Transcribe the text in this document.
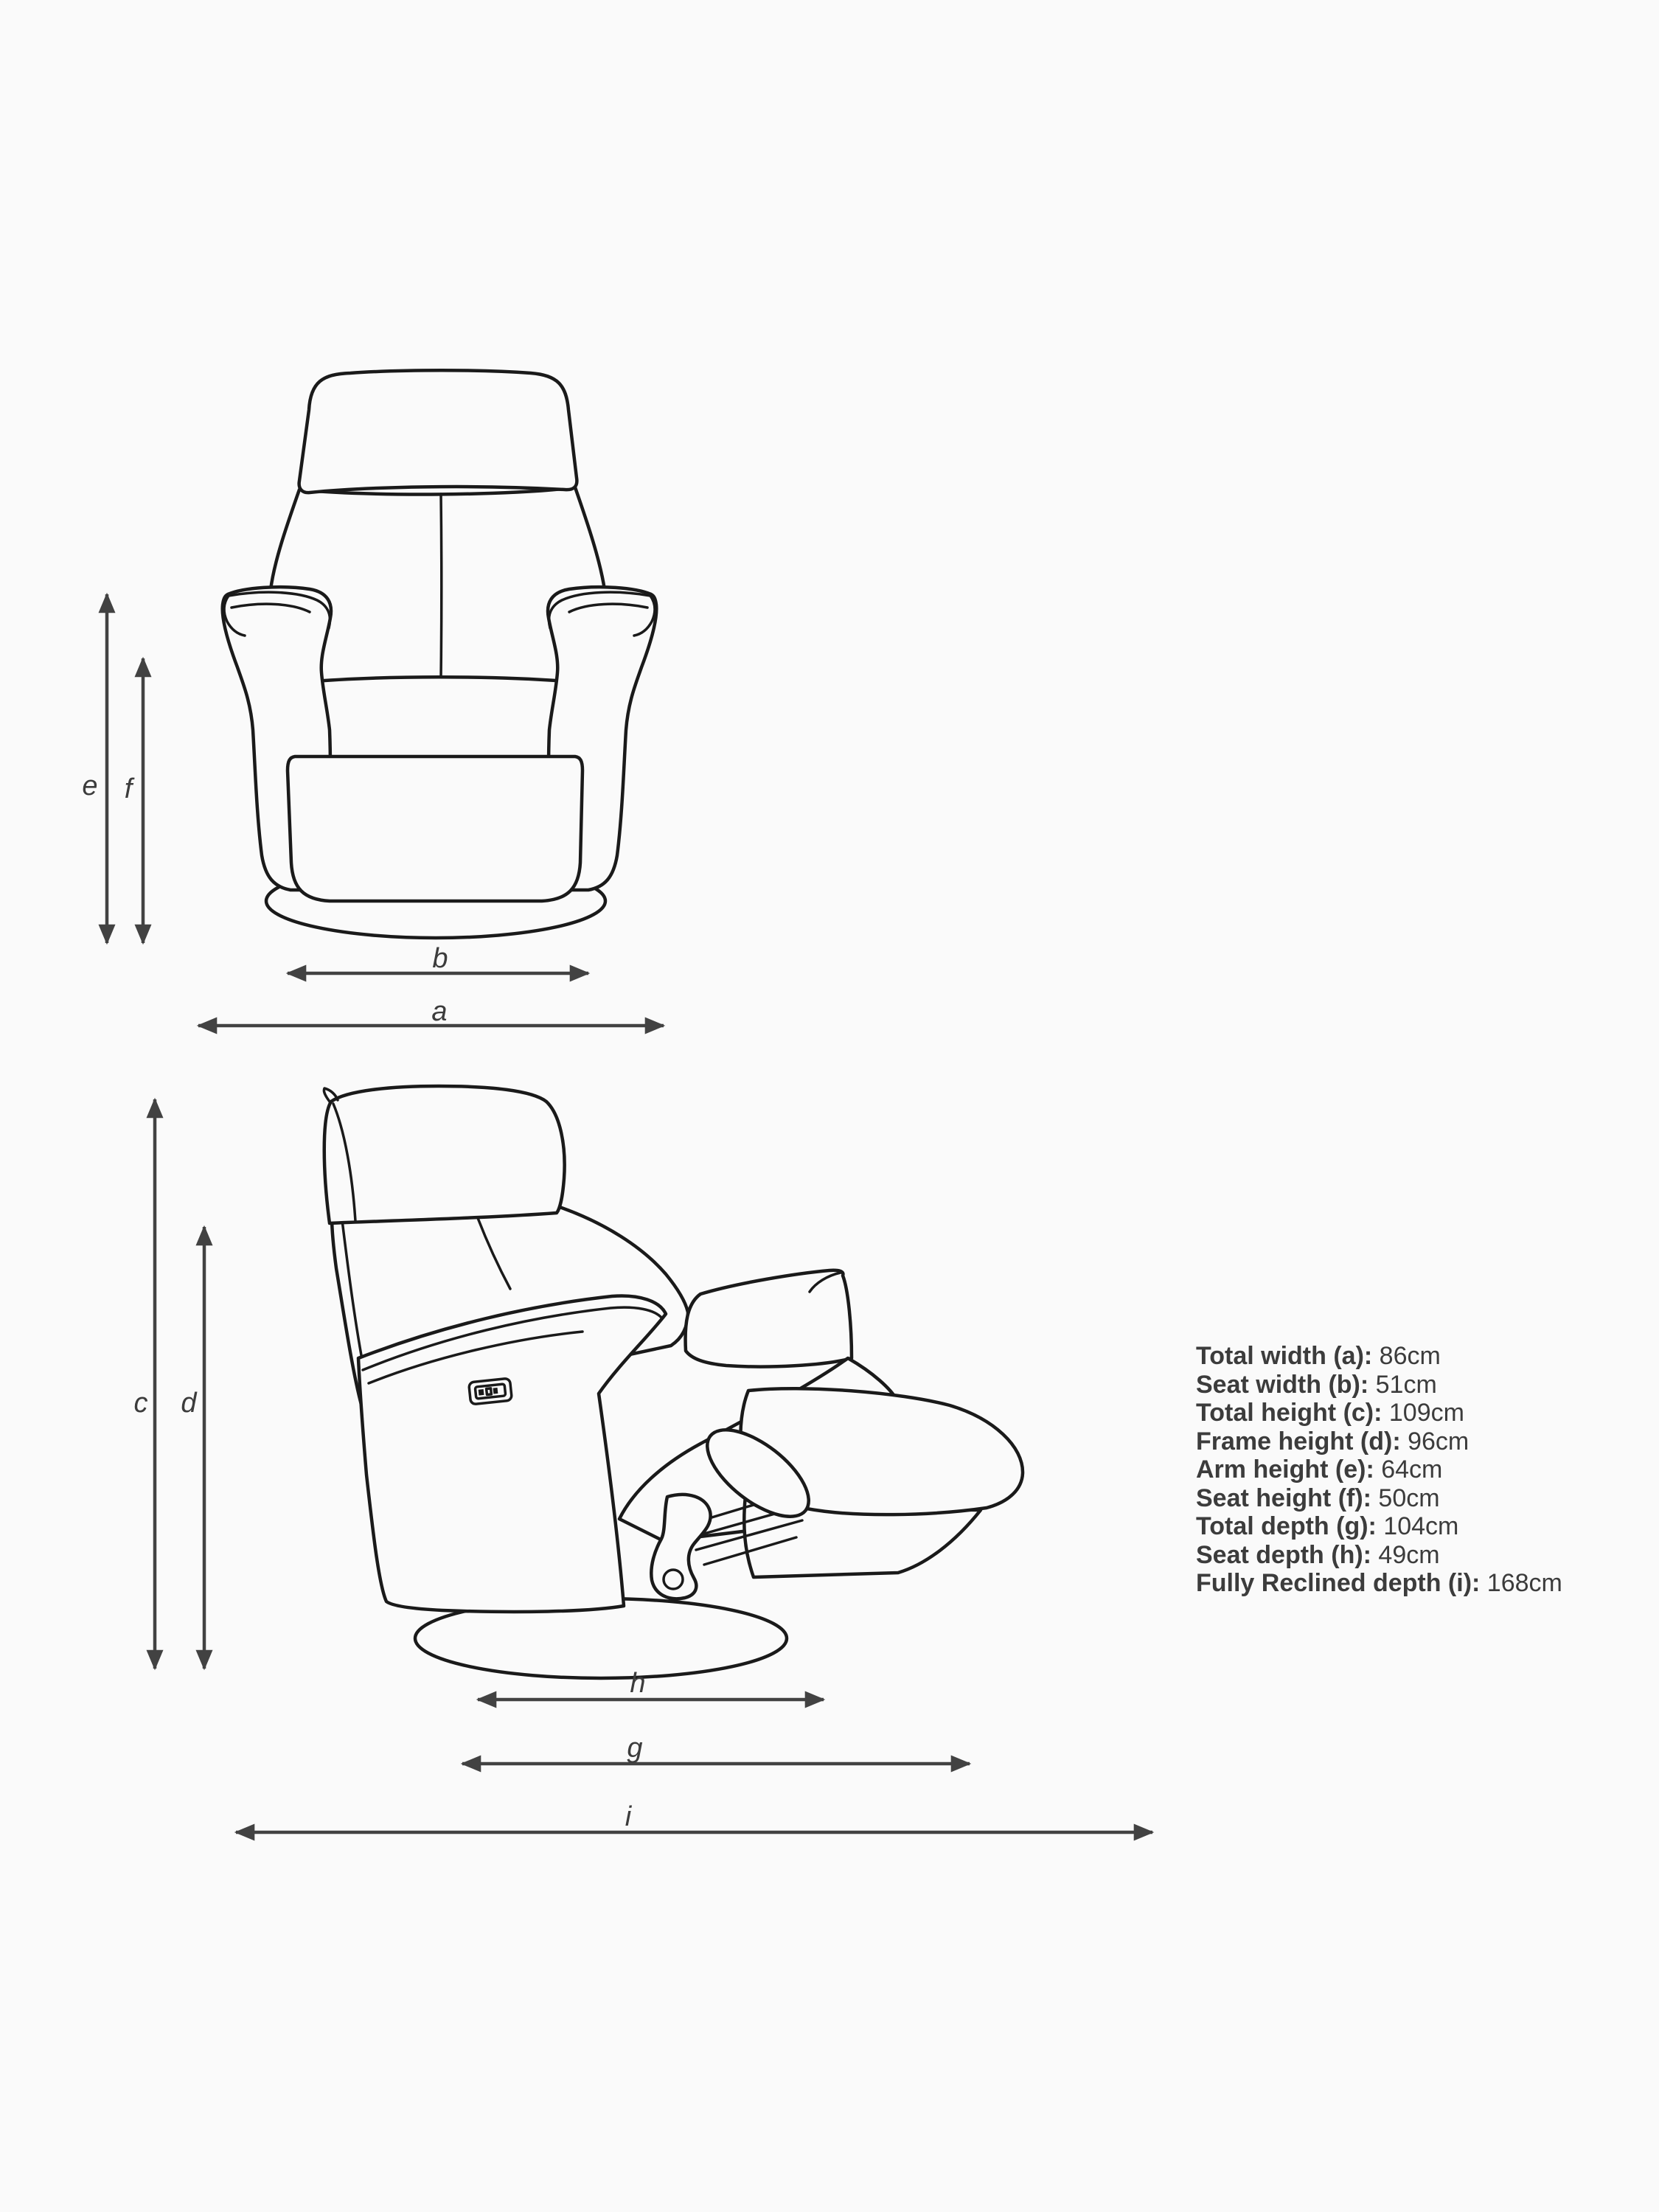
e f
b
a
c d
h
g
i
Total width (a): 86cm
Seat width (b): 51cm
Total height (c): 109cm
Frame height (d): 96cm
Arm height (e): 64cm
Seat height (f): 50cm
Total depth (g): 104cm
Seat depth (h): 49cm
Fully Reclined depth (i): 168cm
